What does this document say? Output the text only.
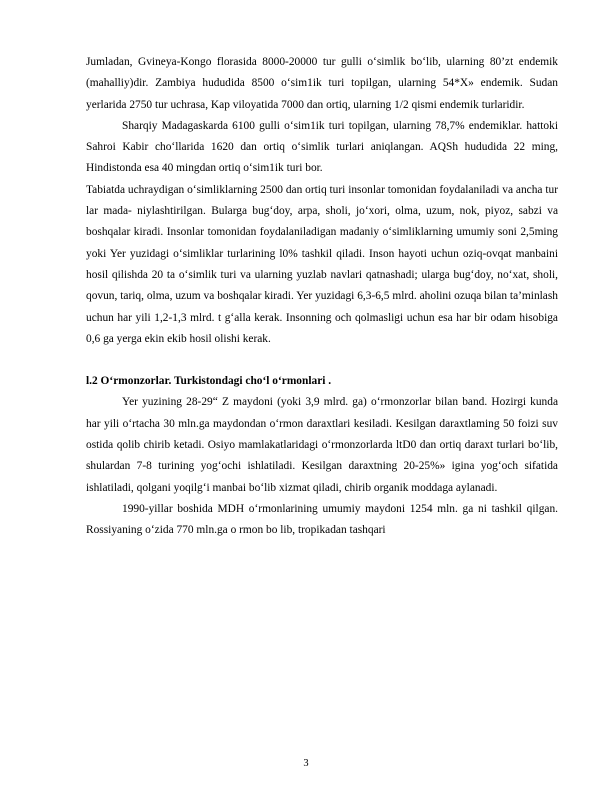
Jumladan, Gvineya-Kongo florasida 8000-20000 tur gulli o‘simlik bo‘lib, ularning 80’zt endemik (mahalliy)dir. Zambiya hududida 8500 o‘sim1ik turi topilgan, ularning 54*X» endemik. Sudan yerlarida 2750 tur uchrasa, Kap viloyatida 7000 dan ortiq, ularning 1/2 qismi endemik turlaridir.

Sharqiy Madagaskarda 6100 gulli o‘sim1ik turi topilgan, ularning 78,7% endemiklar. hattoki Sahroi Kabir cho‘llarida 1620 dan ortiq o‘simlik turlari aniqlangan. AQSh hududida 22 ming, Hindistonda esa 40 mingdan ortiq o‘sim1ik turi bor.

Tabiatda uchraydigan o‘simliklarning 2500 dan ortiq turi insonlar tomonidan foydalaniladi va ancha tur lar mada- niylashtirilgan. Bularga bug‘doy, arpa, sholi, jo‘xori, olma, uzum, nok, piyoz, sabzi va boshqalar kiradi. Insonlar tomonidan foydalaniladigan madaniy o‘simliklarning umumiy soni 2,5ming yoki Yer yuzidagi o‘simliklar turlarining l0% tashkil qiladi. Inson hayoti uchun oziq-ovqat manbaini hosil qilishda 20 ta o‘simlik turi va ularning yuzlab navlari qatnashadi; ularga bug‘doy, no‘xat, sholi, qovun, tariq, olma, uzum va boshqalar kiradi. Yer yuzidagi 6,3-6,5 mlrd. aholini ozuqa bilan ta’minlash uchun har yili 1,2-1,3 mlrd. t g‘alla kerak. Insonning och qolmasligi uchun esa har bir odam hisobiga 0,6 ga yerga ekin ekib hosil olishi kerak.

l.2 O‘rmonzorlar. Turkistondagi cho‘l o‘rmonlari .

Yer yuzining 28-29“ Z maydoni (yoki 3,9 mlrd. ga) o‘rmonzorlar bilan band. Hozirgi kunda har yili o‘rtacha 30 mln.ga maydondan o‘rmon daraxtlari kesiladi. Kesilgan daraxtlaming 50 foizi suv ostida qolib chirib ketadi. Osiyo mamlakatlaridagi o‘rmonzorlarda ltD0 dan ortiq daraxt turlari bo‘lib, shulardan 7-8 turining yog‘ochi ishlatiladi. Kesilgan daraxtning 20-25%» igina yog‘och sifatida ishlatiladi, qolgani yoqilg‘i manbai bo‘lib xizmat qiladi, chirib organik moddaga aylanadi.

1990-yillar boshida MDH o‘rmonlarining umumiy maydoni 1254 mln. ga ni tashkil qilgan. Rossiyaning o‘zida 770 mln.ga o rmon bo lib, tropikadan tashqari

3
